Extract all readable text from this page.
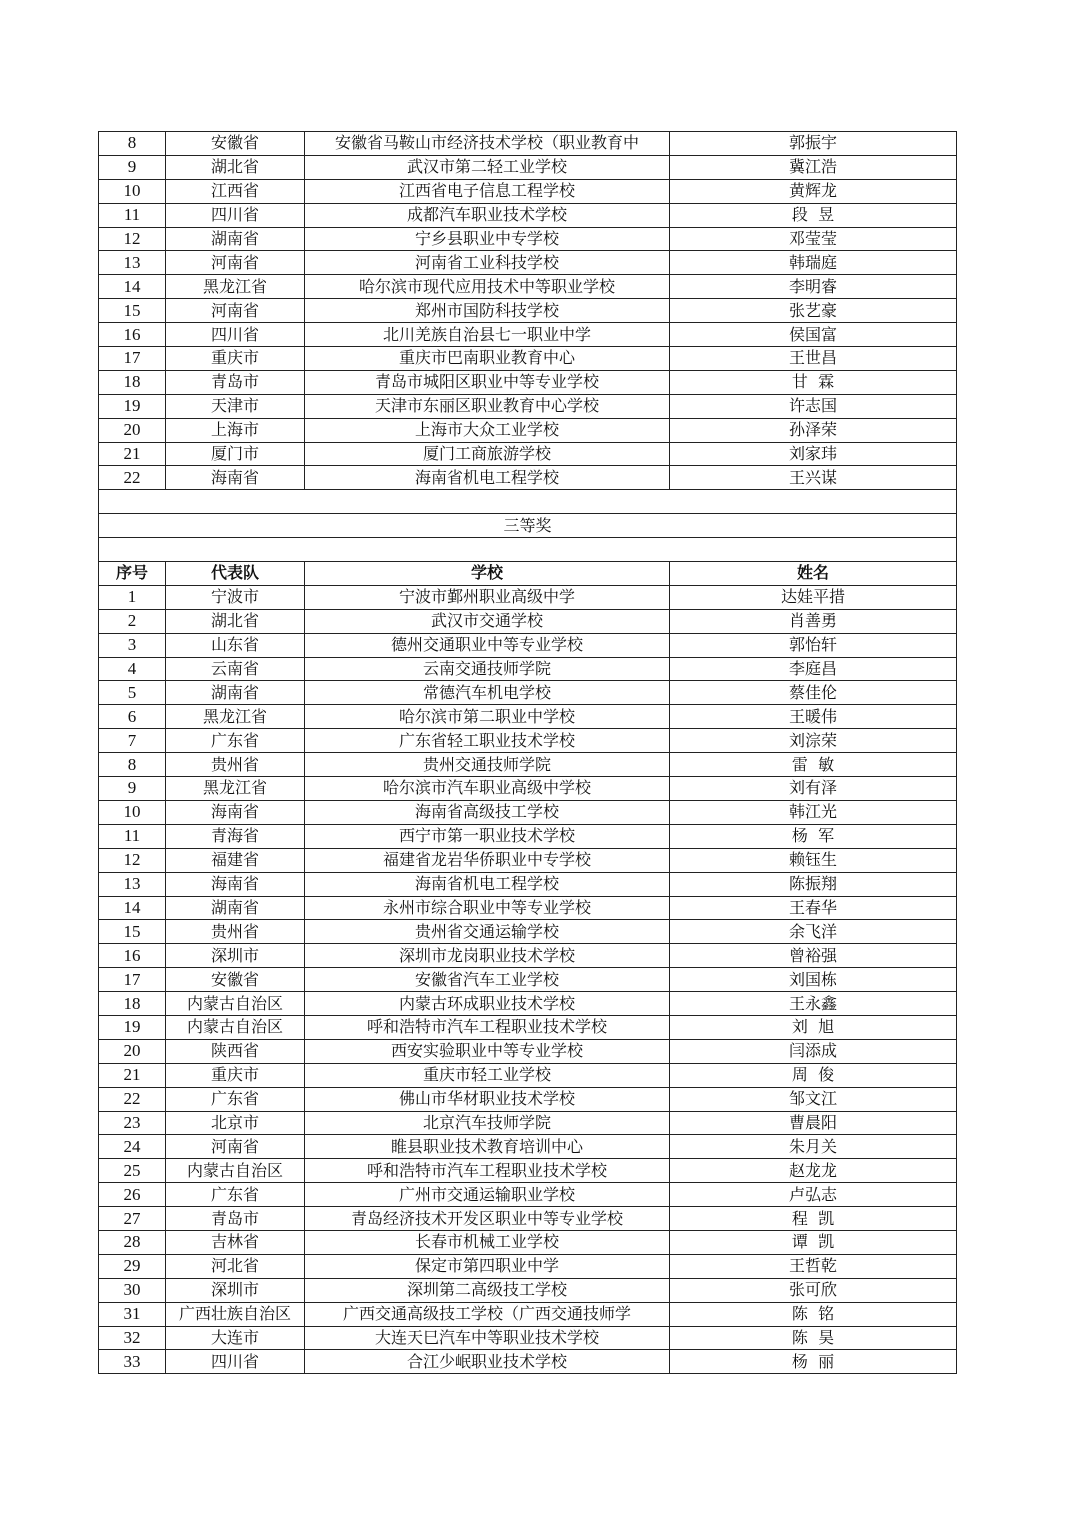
8	安徽省	安徽省马鞍山市经济技术学校（职业教育中	郭振宇
9	湖北省	武汉市第二轻工业学校	冀江浩
10	江西省	江西省电子信息工程学校	黄辉龙
11	四川省	成都汽车职业技术学校	段  昱
12	湖南省	宁乡县职业中专学校	邓莹莹
13	河南省	河南省工业科技学校	韩瑞庭
14	黑龙江省	哈尔滨市现代应用技术中等职业学校	李明睿
15	河南省	郑州市国防科技学校	张艺豪
16	四川省	北川羌族自治县七一职业中学	侯国富
17	重庆市	重庆市巴南职业教育中心	王世昌
18	青岛市	青岛市城阳区职业中等专业学校	甘  霖
19	天津市	天津市东丽区职业教育中心学校	许志国
20	上海市	上海市大众工业学校	孙泽荣
21	厦门市	厦门工商旅游学校	刘家玮
22	海南省	海南省机电工程学校	王兴谋

三等奖			

序号	代表队	学校	姓名
1	宁波市	宁波市鄞州职业高级中学	达娃平措
2	湖北省	武汉市交通学校	肖善勇
3	山东省	德州交通职业中等专业学校	郭怡轩
4	云南省	云南交通技师学院	李庭昌
5	湖南省	常德汽车机电学校	蔡佳伦
6	黑龙江省	哈尔滨市第二职业中学校	王暖伟
7	广东省	广东省轻工职业技术学校	刘淙荣
8	贵州省	贵州交通技师学院	雷  敏
9	黑龙江省	哈尔滨市汽车职业高级中学校	刘有泽
10	海南省	海南省高级技工学校	韩江光
11	青海省	西宁市第一职业技术学校	杨  军
12	福建省	福建省龙岩华侨职业中专学校	赖钰生
13	海南省	海南省机电工程学校	陈振翔
14	湖南省	永州市综合职业中等专业学校	王春华
15	贵州省	贵州省交通运输学校	余飞洋
16	深圳市	深圳市龙岗职业技术学校	曾裕强
17	安徽省	安徽省汽车工业学校	刘国栋
18	内蒙古自治区	内蒙古环成职业技术学校	王永鑫
19	内蒙古自治区	呼和浩特市汽车工程职业技术学校	刘  旭
20	陕西省	西安实验职业中等专业学校	闫添成
21	重庆市	重庆市轻工业学校	周  俊
22	广东省	佛山市华材职业技术学校	邹文江
23	北京市	北京汽车技师学院	曹晨阳
24	河南省	睢县职业技术教育培训中心	朱月关
25	内蒙古自治区	呼和浩特市汽车工程职业技术学校	赵龙龙
26	广东省	广州市交通运输职业学校	卢弘志
27	青岛市	青岛经济技术开发区职业中等专业学校	程  凯
28	吉林省	长春市机械工业学校	谭  凯
29	河北省	保定市第四职业中学	王哲乾
30	深圳市	深圳第二高级技工学校	张可欣
31	广西壮族自治区	广西交通高级技工学校（广西交通技师学	陈  铭
32	大连市	大连天巳汽车中等职业技术学校	陈  昊
33	四川省	合江少岷职业技术学校	杨  丽
